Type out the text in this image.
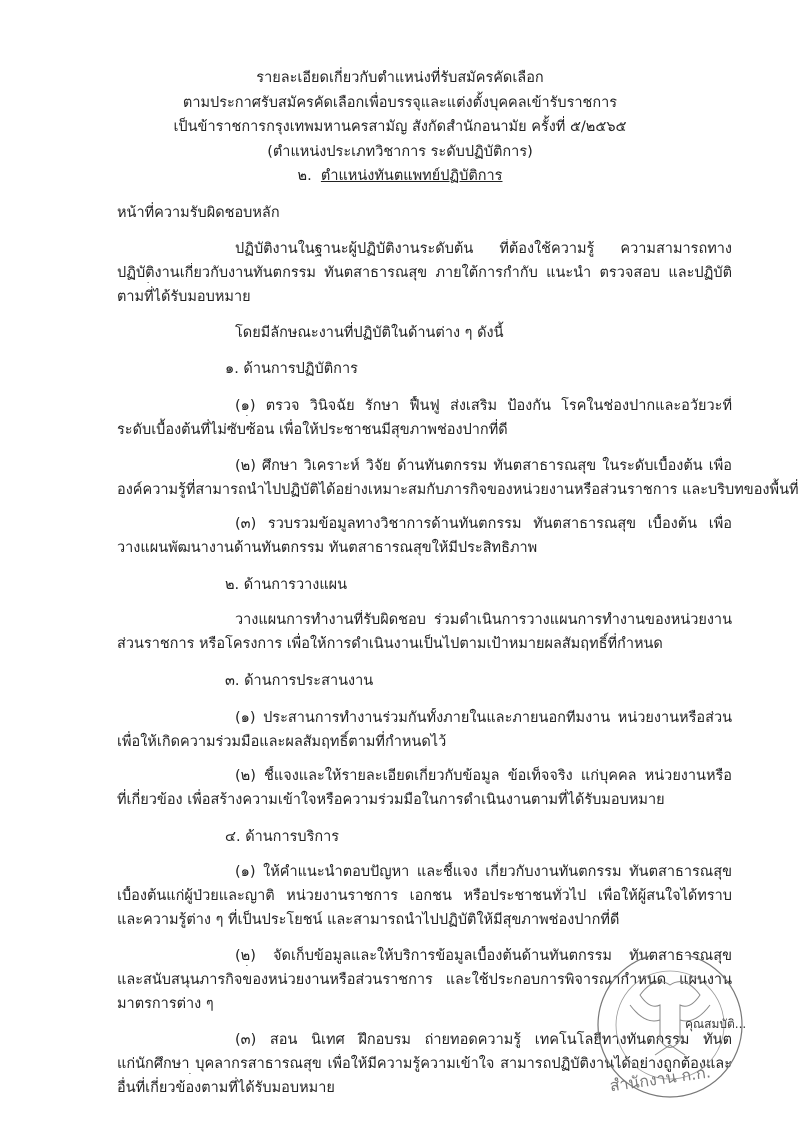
รายละเอียดเกี่ยวกับตำแหน่งที่รับสมัครคัดเลือก
ตามประกาศรับสมัครคัดเลือกเพื่อบรรจุและแต่งตั้งบุคคลเข้ารับราชการ
เป็นข้าราชการกรุงเทพมหานครสามัญ สังกัดสำนักอนามัย ครั้งที่ ๕/๒๕๖๕
(ตำแหน่งประเภทวิชาการ ระดับปฏิบัติการ)
๒. ตำแหน่งทันตแพทย์ปฏิบัติการ
หน้าที่ความรับผิดชอบหลัก
ปฏิบัติงานในฐานะผู้ปฏิบัติงานระดับต้น ที่ต้องใช้ความรู้ ความสามารถทาง
ปฏิบัติงานเกี่ยวกับงานทันตกรรม ทันตสาธารณสุข ภายใต้การกำกับ แนะนำ ตรวจสอบ และปฏิบัติ
ตามที่ได้รับมอบหมาย
โดยมีลักษณะงานที่ปฏิบัติในด้านต่าง ๆ ดังนี้
๑. ด้านการปฏิบัติการ
(๑) ตรวจ วินิจฉัย รักษา ฟื้นฟู ส่งเสริม ป้องกัน โรคในช่องปากและอวัยวะที่
ระดับเบื้องต้นที่ไม่ซับซ้อน เพื่อให้ประชาชนมีสุขภาพช่องปากที่ดี
(๒) ศึกษา วิเคราะห์ วิจัย ด้านทันตกรรม ทันตสาธารณสุข ในระดับเบื้องต้น เพื่อ
องค์ความรู้ที่สามารถนำไปปฏิบัติได้อย่างเหมาะสมกับภารกิจของหน่วยงานหรือส่วนราชการ และบริบทของพื้นที่
(๓) รวบรวมข้อมูลทางวิชาการด้านทันตกรรม ทันตสาธารณสุข เบื้องต้น เพื่อ
วางแผนพัฒนางานด้านทันตกรรม ทันตสาธารณสุขให้มีประสิทธิภาพ
๒. ด้านการวางแผน
วางแผนการทำงานที่รับผิดชอบ ร่วมดำเนินการวางแผนการทำงานของหน่วยงาน
ส่วนราชการ หรือโครงการ เพื่อให้การดำเนินงานเป็นไปตามเป้าหมายผลสัมฤทธิ์ที่กำหนด
๓. ด้านการประสานงาน
(๑) ประสานการทำงานร่วมกันทั้งภายในและภายนอกทีมงาน หน่วยงานหรือส่วน
เพื่อให้เกิดความร่วมมือและผลสัมฤทธิ์ตามที่กำหนดไว้
(๒) ชี้แจงและให้รายละเอียดเกี่ยวกับข้อมูล ข้อเท็จจริง แก่บุคคล หน่วยงานหรือ
ที่เกี่ยวข้อง เพื่อสร้างความเข้าใจหรือความร่วมมือในการดำเนินงานตามที่ได้รับมอบหมาย
๔. ด้านการบริการ
(๑) ให้คำแนะนำตอบปัญหา และชี้แจง เกี่ยวกับงานทันตกรรม ทันตสาธารณสุข
เบื้องต้นแก่ผู้ป่วยและญาติ หน่วยงานราชการ เอกชน หรือประชาชนทั่วไป เพื่อให้ผู้สนใจได้ทราบ
และความรู้ต่าง ๆ ที่เป็นประโยชน์ และสามารถนำไปปฏิบัติให้มีสุขภาพช่องปากที่ดี
(๒) จัดเก็บข้อมูลและให้บริการข้อมูลเบื้องต้นด้านทันตกรรม ทันตสาธารณสุข
และสนับสนุนภารกิจของหน่วยงานหรือส่วนราชการ และใช้ประกอบการพิจารณากำหนด แผนงาน
มาตรการต่าง ๆ
(๓) สอน นิเทศ ฝึกอบรม ถ่ายทอดความรู้ เทคโนโลยีทางทันตกรรม ทันต
แก่นักศึกษา บุคลากรสาธารณสุข เพื่อให้มีความรู้ความเข้าใจ สามารถปฏิบัติงานได้อย่างถูกต้องและ
อื่นที่เกี่ยวข้องตามที่ได้รับมอบหมาย
คุณสมบัติ...
สำนักงาน ก.ก.
